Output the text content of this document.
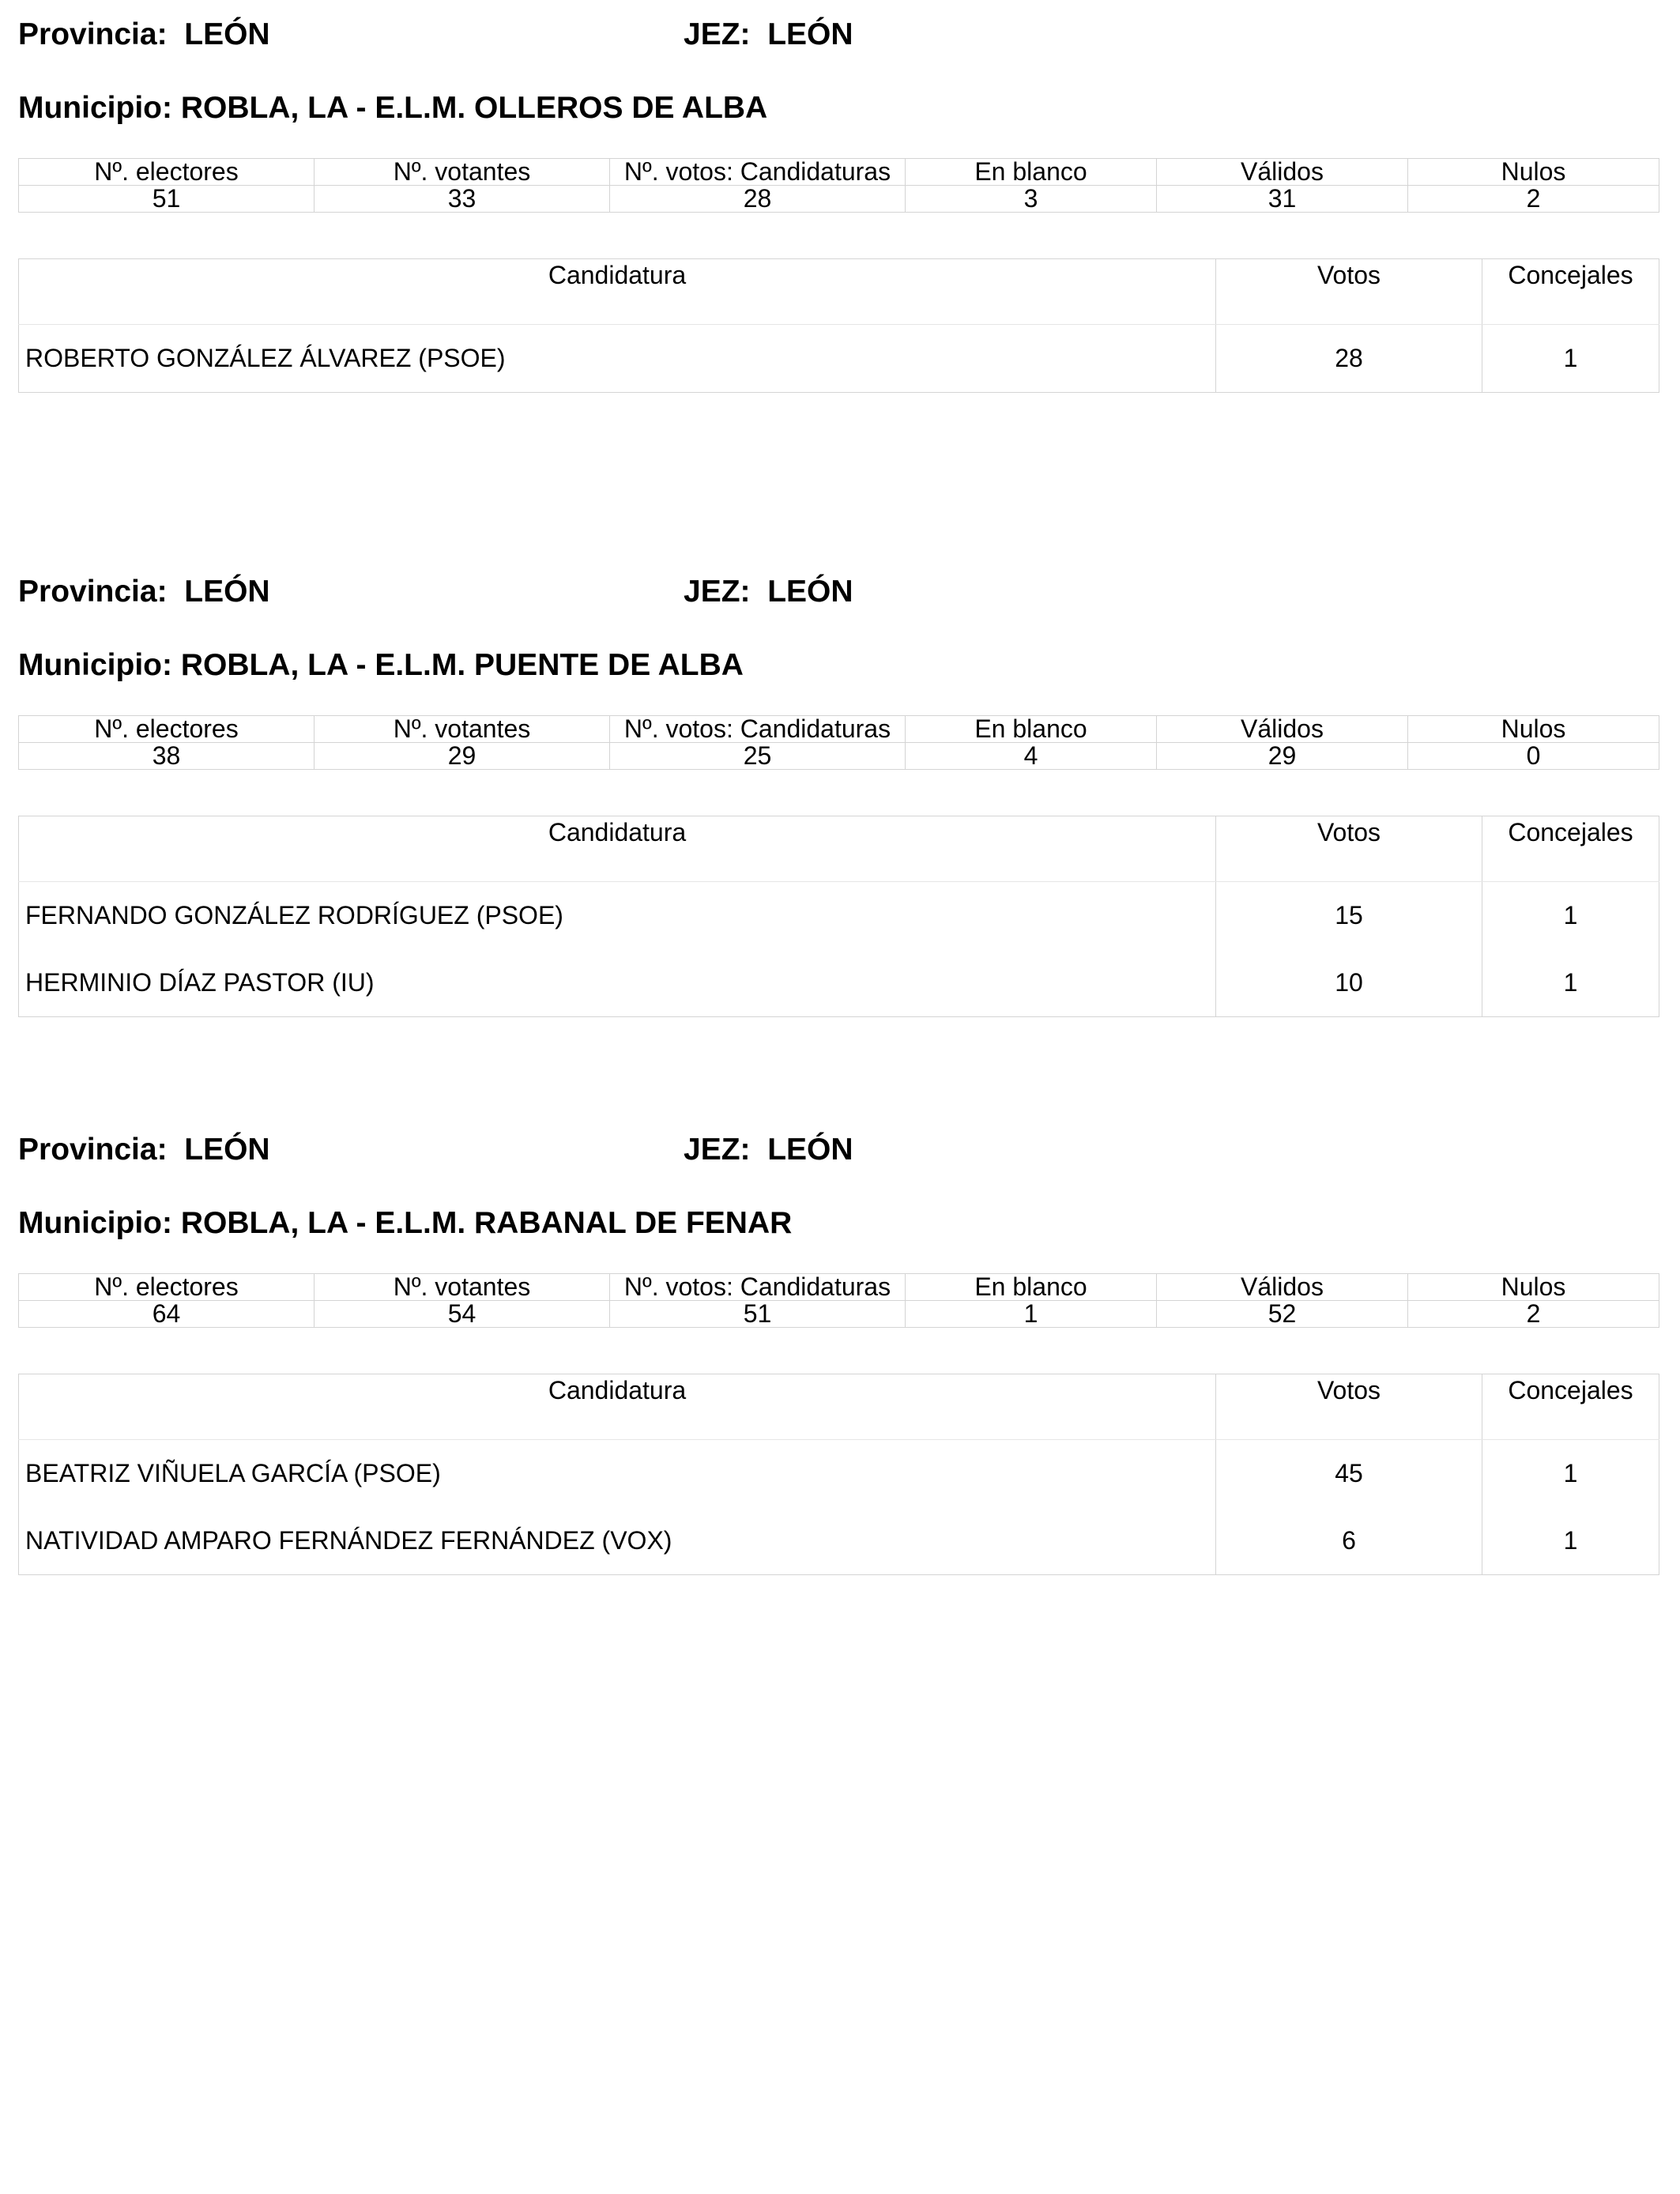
Provincia: LEÓN	JEZ: LEÓN
Municipio: ROBLA, LA - E.L.M. OLLEROS DE ALBA
Nº. electores	Nº. votantes	Nº. votos: Candidaturas	En blanco	Válidos	Nulos
51	33	28	3	31	2
Candidatura	Votos	Concejales
ROBERTO GONZÁLEZ ÁLVAREZ (PSOE)	28	1
Provincia: LEÓN	JEZ: LEÓN
Municipio: ROBLA, LA - E.L.M. PUENTE DE ALBA
Nº. electores	Nº. votantes	Nº. votos: Candidaturas	En blanco	Válidos	Nulos
38	29	25	4	29	0
Candidatura	Votos	Concejales
FERNANDO GONZÁLEZ RODRÍGUEZ (PSOE)	15	1
HERMINIO DÍAZ PASTOR (IU)	10	1
Provincia: LEÓN	JEZ: LEÓN
Municipio: ROBLA, LA - E.L.M. RABANAL DE FENAR
Nº. electores	Nº. votantes	Nº. votos: Candidaturas	En blanco	Válidos	Nulos
64	54	51	1	52	2
Candidatura	Votos	Concejales
BEATRIZ VIÑUELA GARCÍA (PSOE)	45	1
NATIVIDAD AMPARO FERNÁNDEZ FERNÁNDEZ (VOX)	6	1
